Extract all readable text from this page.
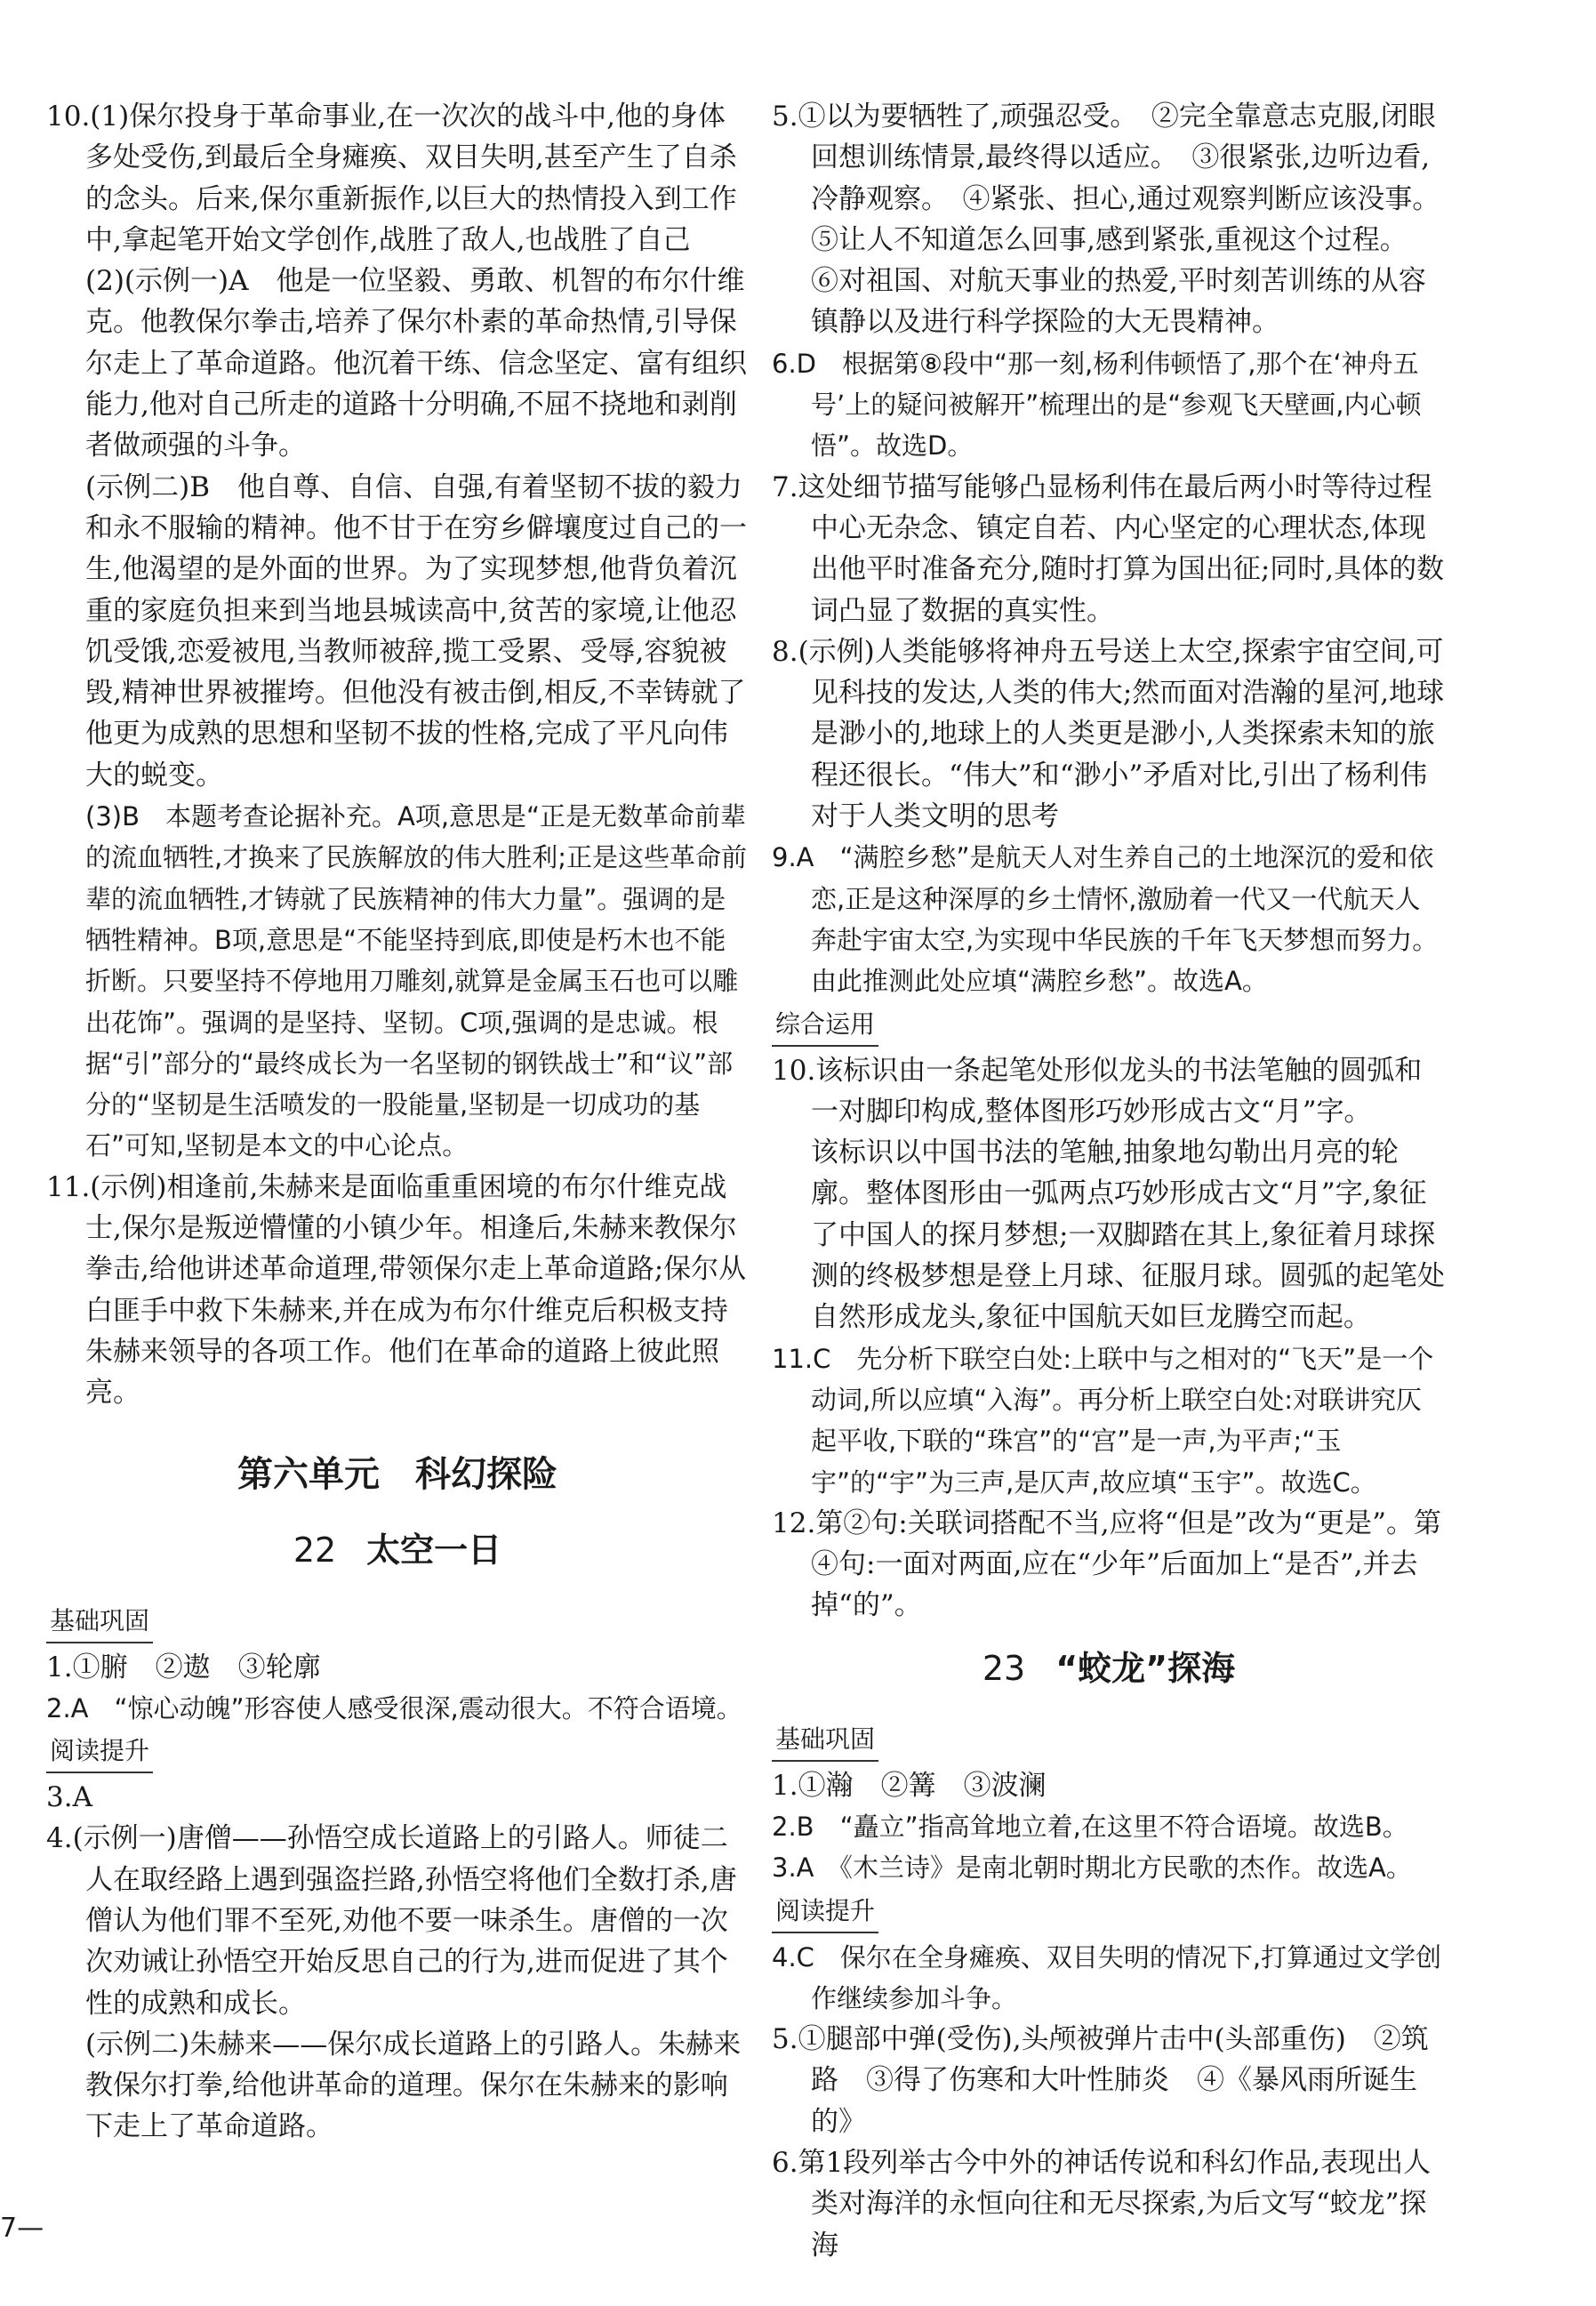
10.(1)保尔投身于革命事业,在一次次的战斗中,他的身体多处受伤,到最后全身瘫痪、双目失明,甚至产生了自杀的念头。后来,保尔重新振作,以巨大的热情投入到工作中,拿起笔开始文学创作,战胜了敌人,也战胜了自己

(2)(示例一)A　他是一位坚毅、勇敢、机智的布尔什维克。他教保尔拳击,培养了保尔朴素的革命热情,引导保尔走上了革命道路。他沉着干练、信念坚定、富有组织能力,他对自己所走的道路十分明确,不屈不挠地和剥削者做顽强的斗争。

(示例二)B　他自尊、自信、自强,有着坚韧不拔的毅力和永不服输的精神。他不甘于在穷乡僻壤度过自己的一生,他渴望的是外面的世界。为了实现梦想,他背负着沉重的家庭负担来到当地县城读高中,贫苦的家境,让他忍饥受饿,恋爱被甩,当教师被辞,揽工受累、受辱,容貌被毁,精神世界被摧垮。但他没有被击倒,相反,不幸铸就了他更为成熟的思想和坚韧不拔的性格,完成了平凡向伟大的蜕变。

(3)B　本题考查论据补充。A项,意思是“正是无数革命前辈的流血牺牲,才换来了民族解放的伟大胜利;正是这些革命前辈的流血牺牲,才铸就了民族精神的伟大力量”。强调的是牺牲精神。B项,意思是“不能坚持到底,即使是朽木也不能折断。只要坚持不停地用刀雕刻,就算是金属玉石也可以雕出花饰”。强调的是坚持、坚韧。C项,强调的是忠诚。根据“引”部分的“最终成长为一名坚韧的钢铁战士”和“议”部分的“坚韧是生活喷发的一股能量,坚韧是一切成功的基石”可知,坚韧是本文的中心论点。

11.(示例)相逢前,朱赫来是面临重重困境的布尔什维克战士,保尔是叛逆懵懂的小镇少年。相逢后,朱赫来教保尔拳击,给他讲述革命道理,带领保尔走上革命道路;保尔从白匪手中救下朱赫来,并在成为布尔什维克后积极支持朱赫来领导的各项工作。他们在革命的道路上彼此照亮。

第六单元　科幻探险
22 太空一日
基础巩固

1.①腑　②遨　③轮廓

2.A　“惊心动魄”形容使人感受很深,震动很大。不符合语境。

阅读提升

3.A

4.(示例一)唐僧——孙悟空成长道路上的引路人。师徒二人在取经路上遇到强盗拦路,孙悟空将他们全数打杀,唐僧认为他们罪不至死,劝他不要一味杀生。唐僧的一次次劝诫让孙悟空开始反思自己的行为,进而促进了其个性的成熟和成长。

(示例二)朱赫来——保尔成长道路上的引路人。朱赫来教保尔打拳,给他讲革命的道理。保尔在朱赫来的影响下走上了革命道路。

5.①以为要牺牲了,顽强忍受。　②完全靠意志克服,闭眼回想训练情景,最终得以适应。　③很紧张,边听边看,冷静观察。　④紧张、担心,通过观察判断应该没事。　⑤让人不知道怎么回事,感到紧张,重视这个过程。　⑥对祖国、对航天事业的热爱,平时刻苦训练的从容镇静以及进行科学探险的大无畏精神。

6.D　根据第⑧段中“那一刻,杨利伟顿悟了,那个在‘神舟五号’上的疑问被解开”梳理出的是“参观飞天壁画,内心顿悟”。故选D。

7.这处细节描写能够凸显杨利伟在最后两小时等待过程中心无杂念、镇定自若、内心坚定的心理状态,体现出他平时准备充分,随时打算为国出征;同时,具体的数词凸显了数据的真实性。

8.(示例)人类能够将神舟五号送上太空,探索宇宙空间,可见科技的发达,人类的伟大;然而面对浩瀚的星河,地球是渺小的,地球上的人类更是渺小,人类探索未知的旅程还很长。“伟大”和“渺小”矛盾对比,引出了杨利伟对于人类文明的思考

9.A　“满腔乡愁”是航天人对生养自己的土地深沉的爱和依恋,正是这种深厚的乡土情怀,激励着一代又一代航天人奔赴宇宙太空,为实现中华民族的千年飞天梦想而努力。由此推测此处应填“满腔乡愁”。故选A。

综合运用

10.该标识由一条起笔处形似龙头的书法笔触的圆弧和一对脚印构成,整体图形巧妙形成古文“月”字。

该标识以中国书法的笔触,抽象地勾勒出月亮的轮廓。整体图形由一弧两点巧妙形成古文“月”字,象征了中国人的探月梦想;一双脚踏在其上,象征着月球探测的终极梦想是登上月球、征服月球。圆弧的起笔处自然形成龙头,象征中国航天如巨龙腾空而起。

11.C　先分析下联空白处:上联中与之相对的“飞天”是一个动词,所以应填“入海”。再分析上联空白处:对联讲究仄起平收,下联的“珠宫”的“宫”是一声,为平声;“玉宇”的“宇”为三声,是仄声,故应填“玉宇”。故选C。

12.第②句:关联词搭配不当,应将“但是”改为“更是”。第④句:一面对两面,应在“少年”后面加上“是否”,并去掉“的”。

23 “蛟龙”探海
基础巩固

1.①瀚　②篝　③波澜

2.B　“矗立”指高耸地立着,在这里不符合语境。故选B。

3.A　《木兰诗》是南北朝时期北方民歌的杰作。故选A。

阅读提升

4.C　保尔在全身瘫痪、双目失明的情况下,打算通过文学创作继续参加斗争。

5.①腿部中弹(受伤),头颅被弹片击中(头部重伤)　②筑路　③得了伤寒和大叶性肺炎　④《暴风雨所诞生的》

6.第1段列举古今中外的神话传说和科幻作品,表现出人类对海洋的永恒向往和无尽探索,为后文写“蛟龙”探海

7—
